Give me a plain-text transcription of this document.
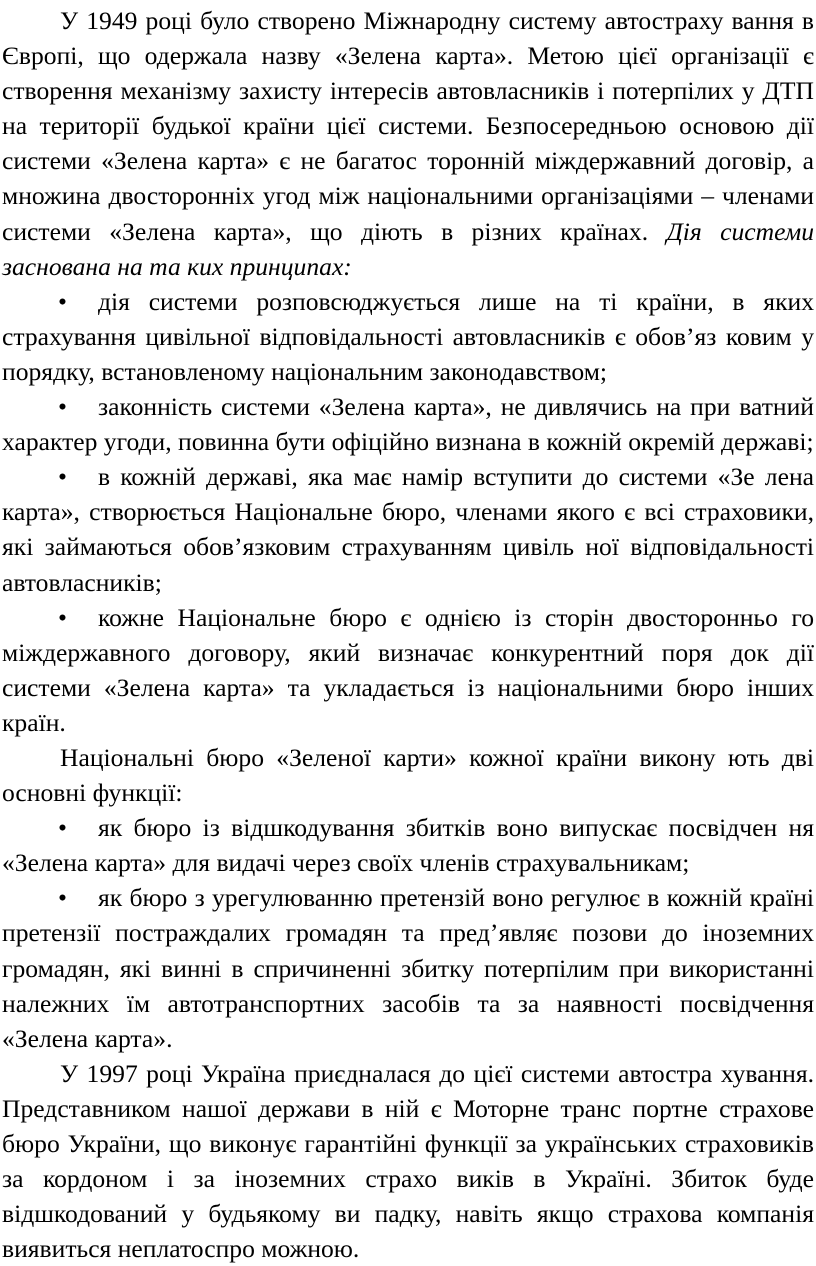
У 1949 році було створено Міжнародну систему автостраху вання в Європі, що одержала назву «Зелена карта». Метою цієї організації є створення механізму захисту інтересів автовласників і потерпілих у ДТП на території будької країни цієї системи. Безпосередньою основою дії системи «Зелена карта» є не багатос торонній міждержавний договір, а множина двосторонніх угод між національними організаціями – членами системи «Зелена карта», що діють в різних країнах. Дія системи заснована на та ких принципах:

• дія системи розповсюджується лише на ті країни, в яких страхування цивільної відповідальності автовласників є обов’яз ковим у порядку, встановленому національним законодавством;

• законність системи «Зелена карта», не дивлячись на при ватний характер угоди, повинна бути офіційно визнана в кожній окремій державі;

• в кожній державі, яка має намір вступити до системи «Зе лена карта», створюється Національне бюро, членами якого є всі страховики, які займаються обов’язковим страхуванням цивіль ної відповідальності автовласників;

• кожне Національне бюро є однією із сторін двосторонньо го міждержавного договору, який визначає конкурентний поря док дії системи «Зелена карта» та укладається із національними бюро інших країн.

Національні бюро «Зеленої карти» кожної країни викону ють дві основні функції:

• як бюро із відшкодування збитків воно випускає посвідчен ня «Зелена карта» для видачі через своїх членів страхувальникам;

• як бюро з урегулюванню претензій воно регулює в кожній країні претензії постраждалих громадян та пред’являє позови до іноземних громадян, які винні в спричиненні збитку потерпілим при використанні належних їм автотранспортних засобів та за наявності посвідчення «Зелена карта».

У 1997 році Україна приєдналася до цієї системи автостра хування. Представником нашої держави в ній є Моторне транс портне страхове бюро України, що виконує гарантійні функції за українських страховиків за кордоном і за іноземних страхо виків в Україні. Збиток буде відшкодований у будьякому ви падку, навіть якщо страхова компанія виявиться неплатоспро можною.
